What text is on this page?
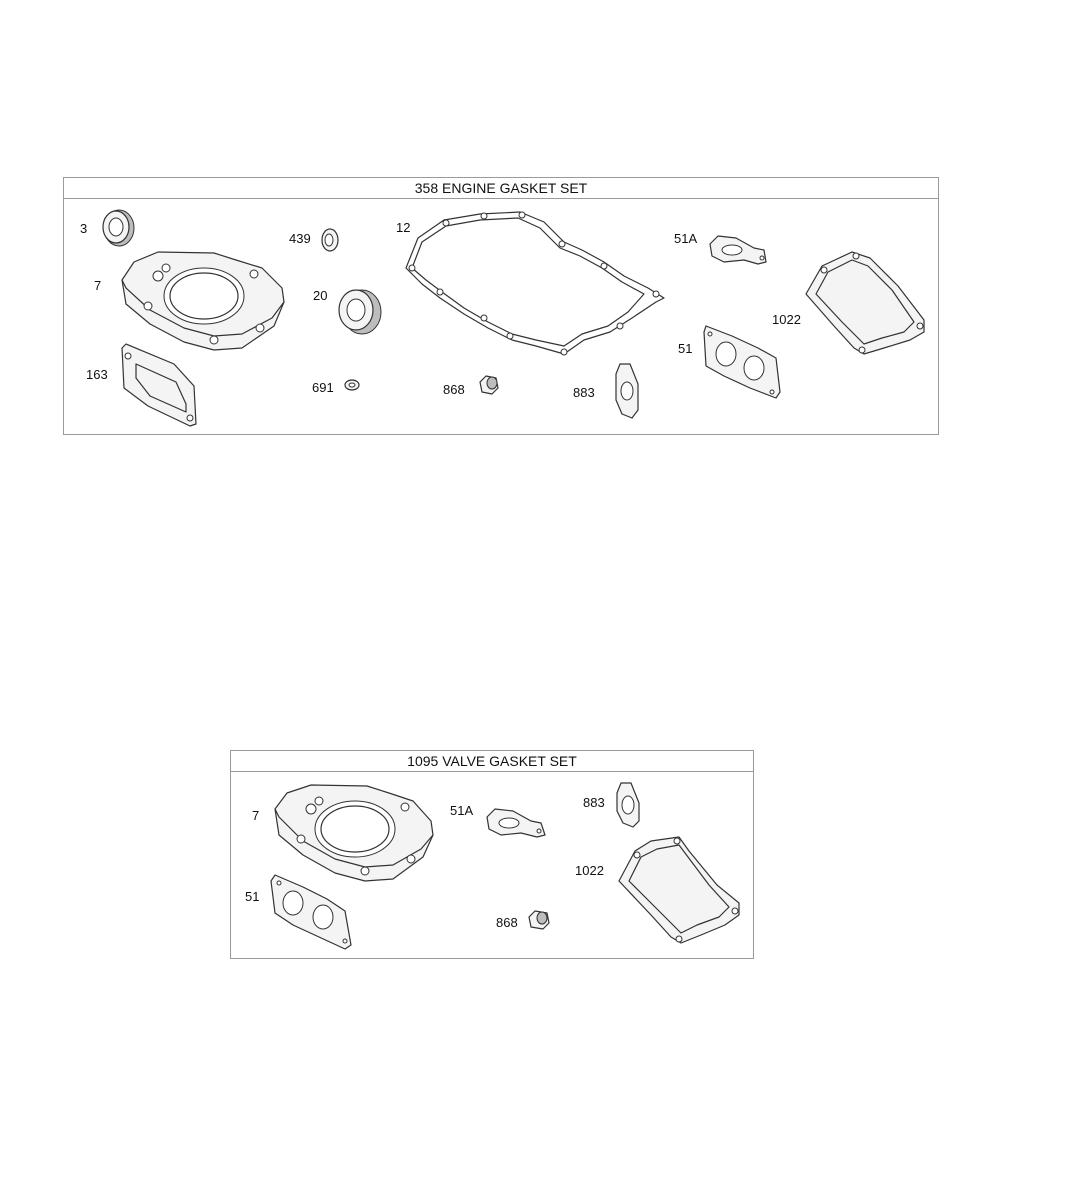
358 ENGINE GASKET SET
3
7
163
439
20
691
12
868	883
51A
51
1022
1095 VALVE GASKET SET
7
51
51A
868
883
1022
